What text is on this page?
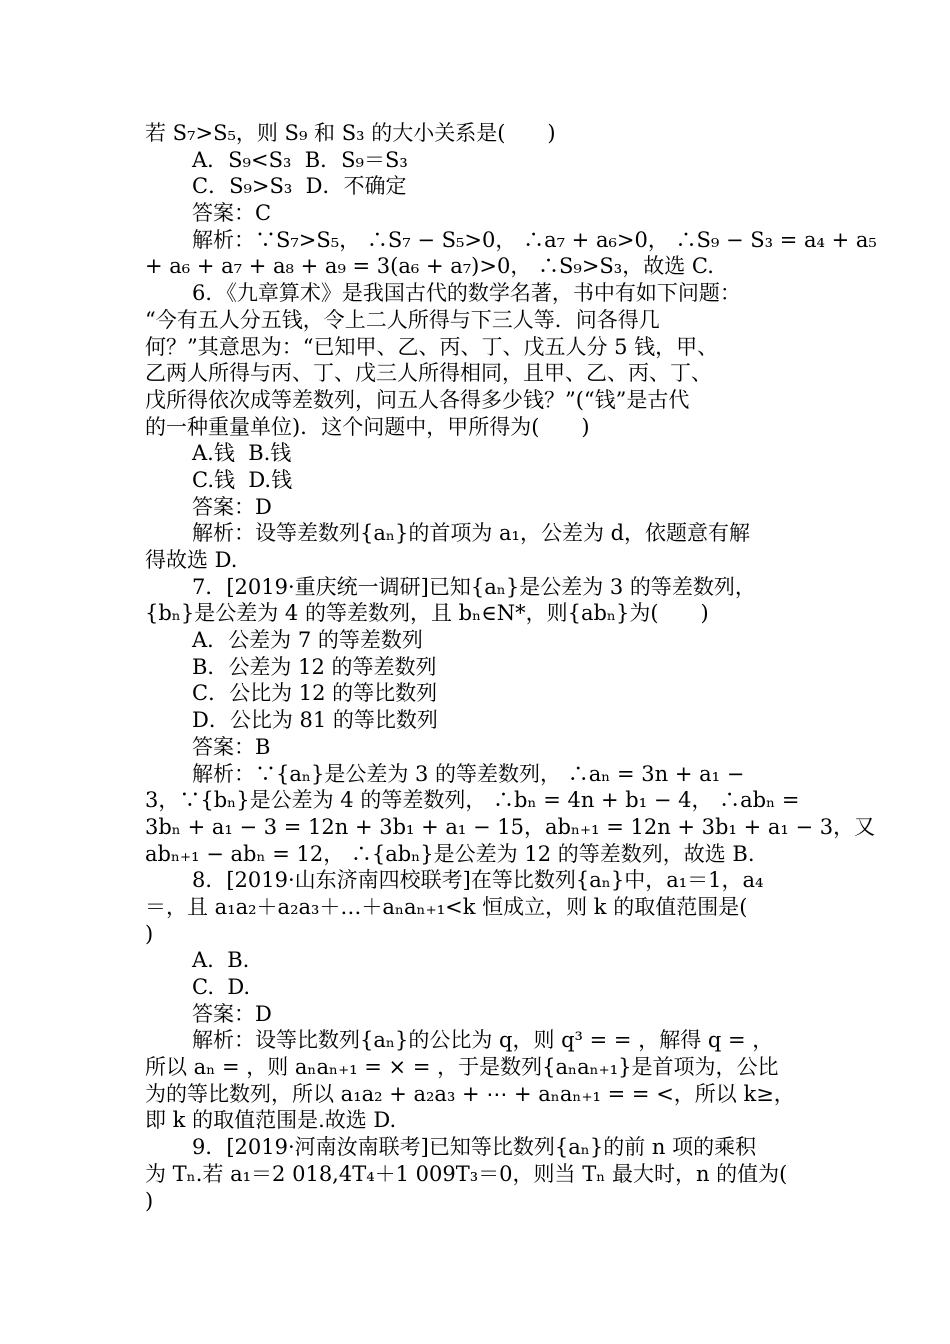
若 S₇>S₅，则 S₉ 和 S₃ 的大小关系是(　　)
A．S₉<S₃  B．S₉＝S₃
C．S₉>S₃  D．不确定
答案：C
解析：∵S₇>S₅， ∴S₇ − S₅>0， ∴a₇ + a₆>0， ∴S₉ − S₃ = a₄ + a₅
+ a₆ + a₇ + a₈ + a₉ = 3(a₆ + a₇)>0， ∴S₉>S₃，故选 C.
6．《九章算术》是我国古代的数学名著，书中有如下问题：
“今有五人分五钱，令上二人所得与下三人等．问各得几
何？”其意思为：“已知甲、乙、丙、丁、戊五人分 5 钱，甲、
乙两人所得与丙、丁、戊三人所得相同，且甲、乙、丙、丁、
戊所得依次成等差数列，问五人各得多少钱？”(“钱”是古代
的一种重量单位)．这个问题中，甲所得为(　　)
A.钱  B.钱
C.钱  D.钱
答案：D
解析：设等差数列{aₙ}的首项为 a₁，公差为 d，依题意有解
得故选 D.
7．[2019·重庆统一调研]已知{aₙ}是公差为 3 的等差数列，
{bₙ}是公差为 4 的等差数列，且 bₙ∈N*，则{abₙ}为(　　)
A．公差为 7 的等差数列
B．公差为 12 的等差数列
C．公比为 12 的等比数列
D．公比为 81 的等比数列
答案：B
解析：∵{aₙ}是公差为 3 的等差数列， ∴aₙ = 3n + a₁ −
3，∵{bₙ}是公差为 4 的等差数列， ∴bₙ = 4n + b₁ − 4， ∴abₙ =
3bₙ + a₁ − 3 = 12n + 3b₁ + a₁ − 15，abₙ₊₁ = 12n + 3b₁ + a₁ − 3，又
abₙ₊₁ − abₙ = 12， ∴{abₙ}是公差为 12 的等差数列，故选 B.
8．[2019·山东济南四校联考]在等比数列{aₙ}中，a₁＝1，a₄
＝，且 a₁a₂＋a₂a₃＋…＋aₙaₙ₊₁<k 恒成立，则 k 的取值范围是(
)
A.  B.
C.  D.
答案：D
解析：设等比数列{aₙ}的公比为 q，则 q³ = = ，解得 q = ，
所以 aₙ = ，则 aₙaₙ₊₁ = × = ，于是数列{aₙaₙ₊₁}是首项为，公比
为的等比数列，所以 a₁a₂ + a₂a₃ + ⋯ + aₙaₙ₊₁ = = <，所以 k≥，
即 k 的取值范围是.故选 D.
9．[2019·河南汝南联考]已知等比数列{aₙ}的前 n 项的乘积
为 Tₙ.若 a₁＝2 018,4T₄＋1 009T₃＝0，则当 Tₙ 最大时，n 的值为(
)
